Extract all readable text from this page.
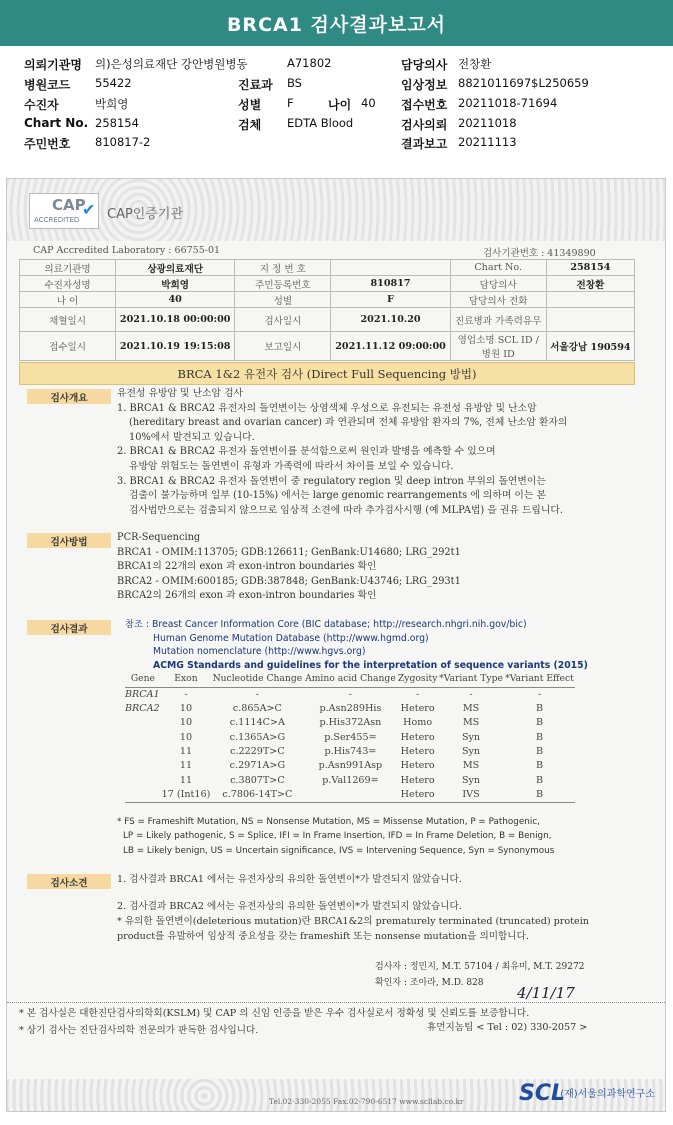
BRCA1 검사결과보고서
의뢰기관명 의)은성의료재단 강안병원병동	A71802	담당의사 전창환
병원코드 55422	진료과 BS	임상정보 8821011697$L250659
수진자	박희영	성별 F	나이 40 접수번호 20211018-71694
Chart No. 258154	검체 EDTA Blood	검사의뢰 20211018
주민번호 810817-2	결과보고 20211113
CAP
✔
ACCREDITED CAP인증기관
CAP Accredited Laboratory : 66755-01	검사기관번호 : 41349890
의료기관명	상광의료재단	지 정 번 호		Chart No.	258154
수진자성명	박희영	주민등록번호	810817	담당의사	전창환
나 이	40	성별	F	담당의사 전화	
채혈일시	2021.10.18 00:00:00	검사일시	2021.10.20	진료병과 가족력유무	
접수일시	2021.10.19 19:15:08	보고일시	2021.11.12 09:00:00	영업소명 SCL ID / 병원 ID	서울강남 190594
BRCA 1&2 유전자 검사 (Direct Full Sequencing 방법)
검사개요	유전성 유방암 및 난소암 검사
1. BRCA1 & BRCA2 유전자의 돌연변이는 상염색체 우성으로 유전되는 유전성 유방암 및 난소암
(hereditary breast and ovarian cancer) 과 연관되며 전체 유방암 환자의 7%, 전체 난소암 환자의
10%에서 발견되고 있습니다.
2. BRCA1 & BRCA2 유전자 돌연변이를 분석함으로써 원인과 발병을 예측할 수 있으며
유방암 위험도는 돌연변이 유형과 가족력에 따라서 차이를 보일 수 있습니다.
3. BRCA1 & BRCA2 유전자 돌연변이 중 regulatory region 및 deep intron 부위의 돌연변이는
검출이 불가능하며 일부 (10-15%) 에서는 large genomic rearrangements 에 의하며 이는 본
검사법만으로는 검출되지 않으므로 임상적 소견에 따라 추가검사시행 (예 MLPA법) 을 권유 드립니다.
검사방법	PCR-Sequencing
BRCA1 - OMIM:113705; GDB:126611; GenBank:U14680; LRG_292t1
BRCA1의 22개의 exon 과 exon-intron boundaries 확인
BRCA2 - OMIM:600185; GDB:387848; GenBank:U43746; LRG_293t1
BRCA2의 26개의 exon 과 exon-intron boundaries 확인
검사결과	참조 : Breast Cancer Information Core (BIC database; http://research.nhgri.nih.gov/bic)
Human Genome Mutation Database (http://www.hgmd.org)
Mutation nomenclature (http://www.hgvs.org)
ACMG Standards and guidelines for the interpretation of sequence variants (2015)
Gene	Exon	Nucleotide Change	Amino acid Change	Zygosity	*Variant Type	*Variant Effect
BRCA1	-	-	-	-	-	-
BRCA2	10	c.865A>C	p.Asn289His	Hetero	MS	B
	10	c.1114C>A	p.His372Asn	Homo	MS	B
	10	c.1365A>G	p.Ser455=	Hetero	Syn	B
	11	c.2229T>C	p.His743=	Hetero	Syn	B
	11	c.2971A>G	p.Asn991Asp	Hetero	MS	B
	11	c.3807T>C	p.Val1269=	Hetero	Syn	B
	17 (Int16)	c.7806-14T>C		Hetero	IVS	B
* FS = Frameshift Mutation, NS = Nonsense Mutation, MS = Missense Mutation, P = Pathogenic,
LP = Likely pathogenic, S = Splice, IFI = In Frame Insertion, IFD = In Frame Deletion, B = Benign,
LB = Likely benign, US = Uncertain significance, IVS = Intervening Sequence, Syn = Synonymous
검사소견	1. 검사결과 BRCA1 에서는 유전자상의 유의한 돌연변이*가 발견되지 않았습니다.
2. 검사결과 BRCA2 에서는 유전자상의 유의한 돌연변이*가 발견되지 않았습니다.
* 유의한 돌연변이(deleterious mutation)란 BRCA1&2의 prematurely terminated (truncated) protein
product를 유발하여 임상적 중요성을 갖는 frameshift 또는 nonsense mutation을 의미합니다.
검사자 : 정민지, M.T. 57104 / 최유미, M.T. 29272
확인자 : 조아라, M.D. 828
4/11/17
* 본 검사실은 대한진단검사의학회(KSLM) 및 CAP 의 신임 인증을 받은 우수 검사실로서 정확성 및 신뢰도를 보증합니다.
* 상기 검사는 진단검사의학 전문의가 판독한 검사입니다.	휴먼지놈팀 < Tel : 02) 330-2057 >
Tel.02-330-2055 Fax.02-790-6517 www.scllab.co.kr	SCL
(재)서울의과학연구소
